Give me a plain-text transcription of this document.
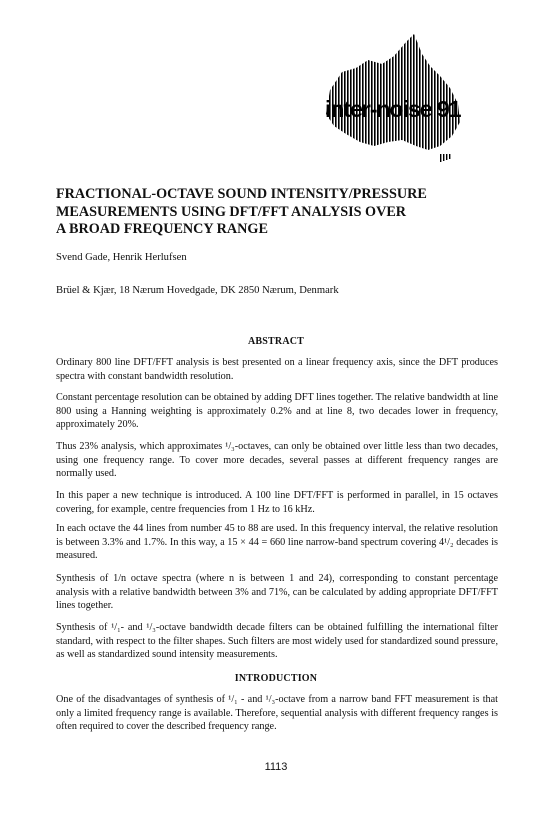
inter-noise 91
FRACTIONAL-OCTAVE SOUND INTENSITY/PRESSURE
MEASUREMENTS USING DFT/FFT ANALYSIS OVER
A BROAD FREQUENCY RANGE
Svend Gade, Henrik Herlufsen
Brüel & Kjær, 18 Nærum Hovedgade, DK 2850 Nærum, Denmark
ABSTRACT

Ordinary 800 line DFT/FFT analysis is best presented on a linear frequency axis, since the DFT produces spectra with constant bandwidth resolution.

Constant percentage resolution can be obtained by adding DFT lines together. The relative bandwidth at line 800 using a Hanning weighting is approximately 0.2% and at line 8, two decades lower in frequency, approximately 20%.

Thus 23% analysis, which approximates ¹/₃-octaves, can only be obtained over little less than two decades, using one frequency range. To cover more decades, several passes at different frequency ranges are normally used.

In this paper a new technique is introduced. A 100 line DFT/FFT is performed in parallel, in 15 octaves covering, for example, centre frequencies from 1 Hz to 16 kHz.

In each octave the 44 lines from number 45 to 88 are used. In this frequency interval, the relative resolution is between 3.3% and 1.7%. In this way, a 15 × 44 = 660 line narrow-band spectrum covering 4¹/₂ decades is measured.

Synthesis of 1/n octave spectra (where n is between 1 and 24), corresponding to constant percentage analysis with a relative bandwidth between 3% and 71%, can be calculated by adding appropriate DFT/FFT lines together.

Synthesis of ¹/₁- and ¹/₃-octave bandwidth decade filters can be obtained fulfilling the international filter standard, with respect to the filter shapes. Such filters are most widely used for standardized sound pressure, as well as standardized sound intensity measurements.

INTRODUCTION

One of the disadvantages of synthesis of ¹/₁ - and ¹/₃-octave from a narrow band FFT measurement is that only a limited frequency range is available. Therefore, sequential analysis with different frequency ranges is often required to cover the described frequency range.

1113
